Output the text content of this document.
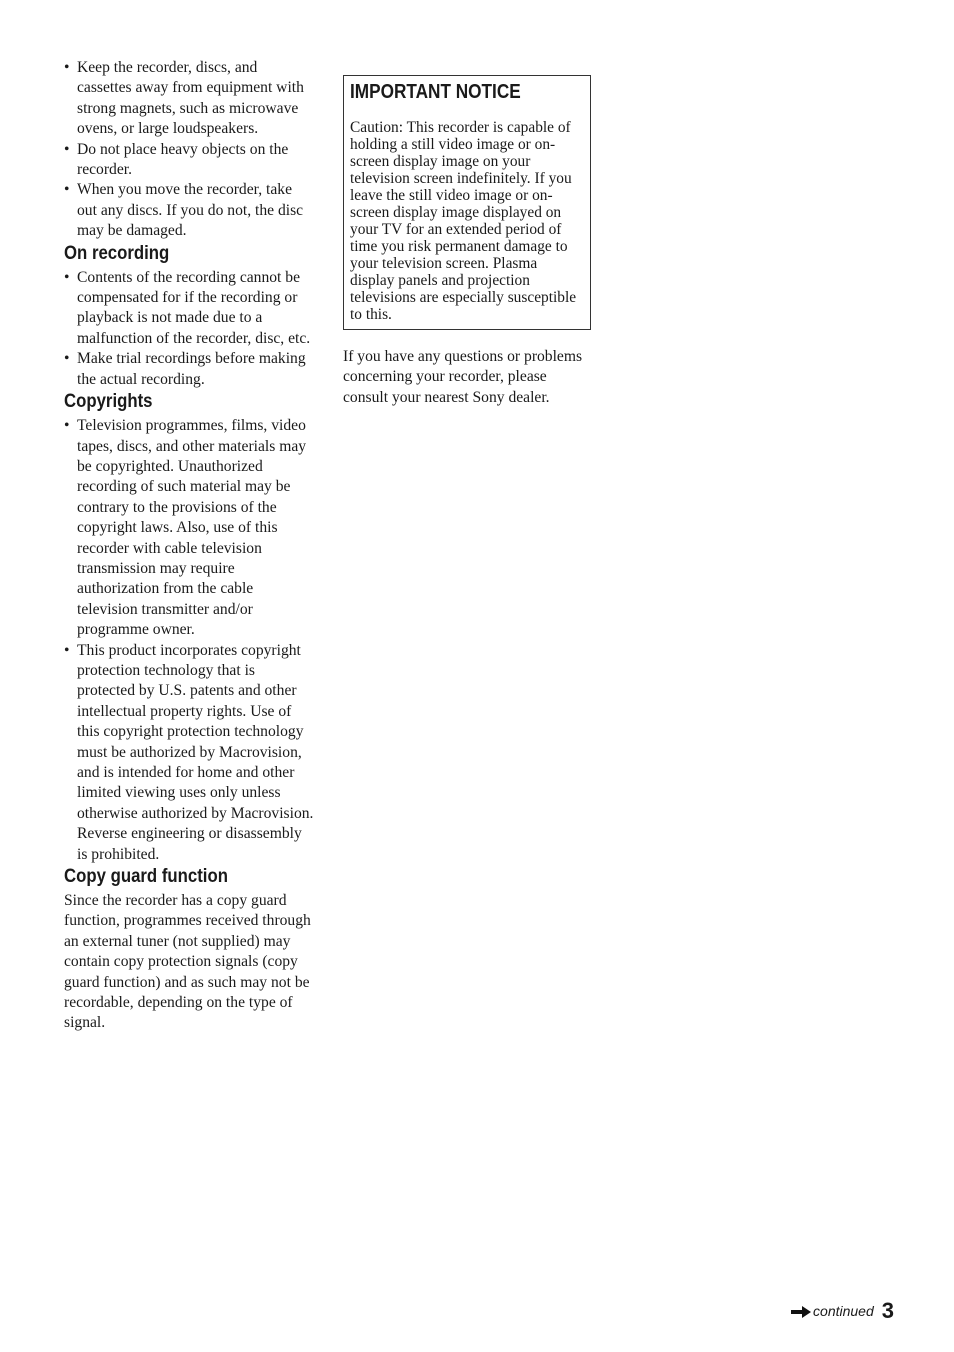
• Keep the recorder, discs, and cassettes away from equipment with strong magnets, such as microwave ovens, or large loudspeakers.
• Do not place heavy objects on the recorder.
• When you move the recorder, take out any discs. If you do not, the disc may be damaged.
On recording
• Contents of the recording cannot be compensated for if the recording or playback is not made due to a malfunction of the recorder, disc, etc.
• Make trial recordings before making the actual recording.
Copyrights
• Television programmes, films, video tapes, discs, and other materials may be copyrighted. Unauthorized recording of such material may be contrary to the provisions of the copyright laws. Also, use of this recorder with cable television transmission may require authorization from the cable television transmitter and/or programme owner.
• This product incorporates copyright protection technology that is protected by U.S. patents and other intellectual property rights. Use of this copyright protection technology must be authorized by Macrovision, and is intended for home and other limited viewing uses only unless otherwise authorized by Macrovision. Reverse engineering or disassembly is prohibited.
Copy guard function

Since the recorder has a copy guard function, programmes received through an external tuner (not supplied) may contain copy protection signals (copy guard function) and as such may not be recordable, depending on the type of signal.

IMPORTANT NOTICE

Caution: This recorder is capable of holding a still video image or on-screen display image on your television screen indefinitely. If you leave the still video image or on-screen display image displayed on your TV for an extended period of time you risk permanent damage to your television screen. Plasma display panels and projection televisions are especially susceptible to this.

If you have any questions or problems concerning your recorder, please consult your nearest Sony dealer.

continued 3
